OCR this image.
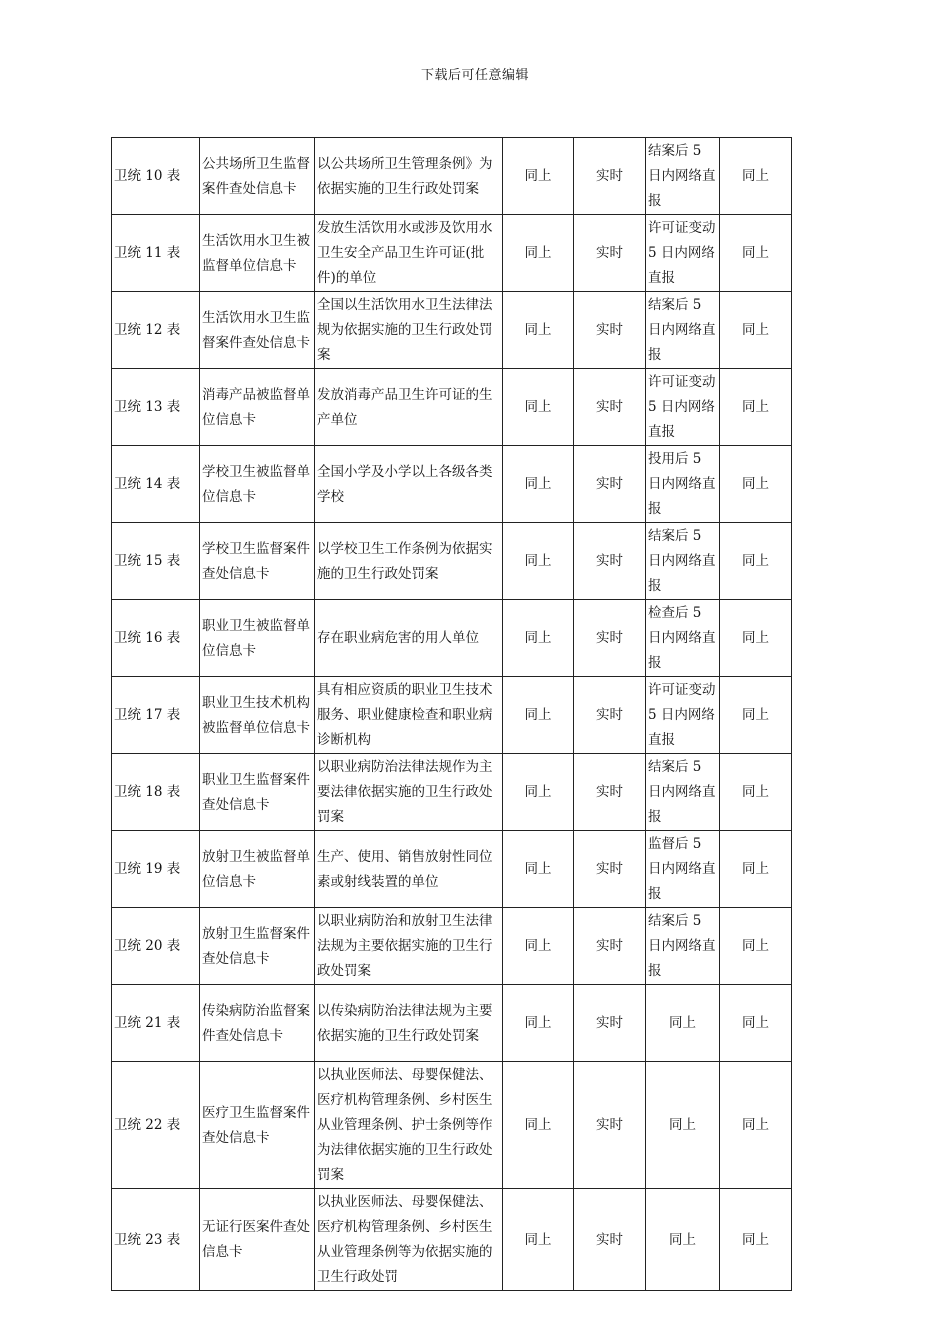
下载后可任意编辑
卫统 10 表	公共场所卫生监督案件查处信息卡	以公共场所卫生管理条例》为依据实施的卫生行政处罚案	同上	实时	结案后 5 日内网络直报	同上
卫统 11 表	生活饮用水卫生被监督单位信息卡	发放生活饮用水或涉及饮用水卫生安全产品卫生许可证(批件)的单位	同上	实时	许可证变动 5 日内网络直报	同上
卫统 12 表	生活饮用水卫生监督案件查处信息卡	全国以生活饮用水卫生法律法规为依据实施的卫生行政处罚案	同上	实时	结案后 5 日内网络直报	同上
卫统 13 表	消毒产品被监督单位信息卡	发放消毒产品卫生许可证的生产单位	同上	实时	许可证变动 5 日内网络直报	同上
卫统 14 表	学校卫生被监督单位信息卡	全国小学及小学以上各级各类学校	同上	实时	投用后 5 日内网络直报	同上
卫统 15 表	学校卫生监督案件查处信息卡	以学校卫生工作条例为依据实施的卫生行政处罚案	同上	实时	结案后 5 日内网络直报	同上
卫统 16 表	职业卫生被监督单位信息卡	存在职业病危害的用人单位	同上	实时	检查后 5 日内网络直报	同上
卫统 17 表	职业卫生技术机构被监督单位信息卡	具有相应资质的职业卫生技术服务、职业健康检查和职业病诊断机构	同上	实时	许可证变动 5 日内网络直报	同上
卫统 18 表	职业卫生监督案件查处信息卡	以职业病防治法律法规作为主要法律依据实施的卫生行政处罚案	同上	实时	结案后 5 日内网络直报	同上
卫统 19 表	放射卫生被监督单位信息卡	生产、使用、销售放射性同位素或射线装置的单位	同上	实时	监督后 5 日内网络直报	同上
卫统 20 表	放射卫生监督案件查处信息卡	以职业病防治和放射卫生法律法规为主要依据实施的卫生行政处罚案	同上	实时	结案后 5 日内网络直报	同上
卫统 21 表	传染病防治监督案件查处信息卡	以传染病防治法律法规为主要依据实施的卫生行政处罚案	同上	实时	同上	同上
卫统 22 表	医疗卫生监督案件查处信息卡	以执业医师法、母婴保健法、医疗机构管理条例、乡村医生从业管理条例、护士条例等作为法律依据实施的卫生行政处罚案	同上	实时	同上	同上
卫统 23 表	无证行医案件查处信息卡	以执业医师法、母婴保健法、医疗机构管理条例、乡村医生从业管理条例等为依据实施的卫生行政处罚	同上	实时	同上	同上
